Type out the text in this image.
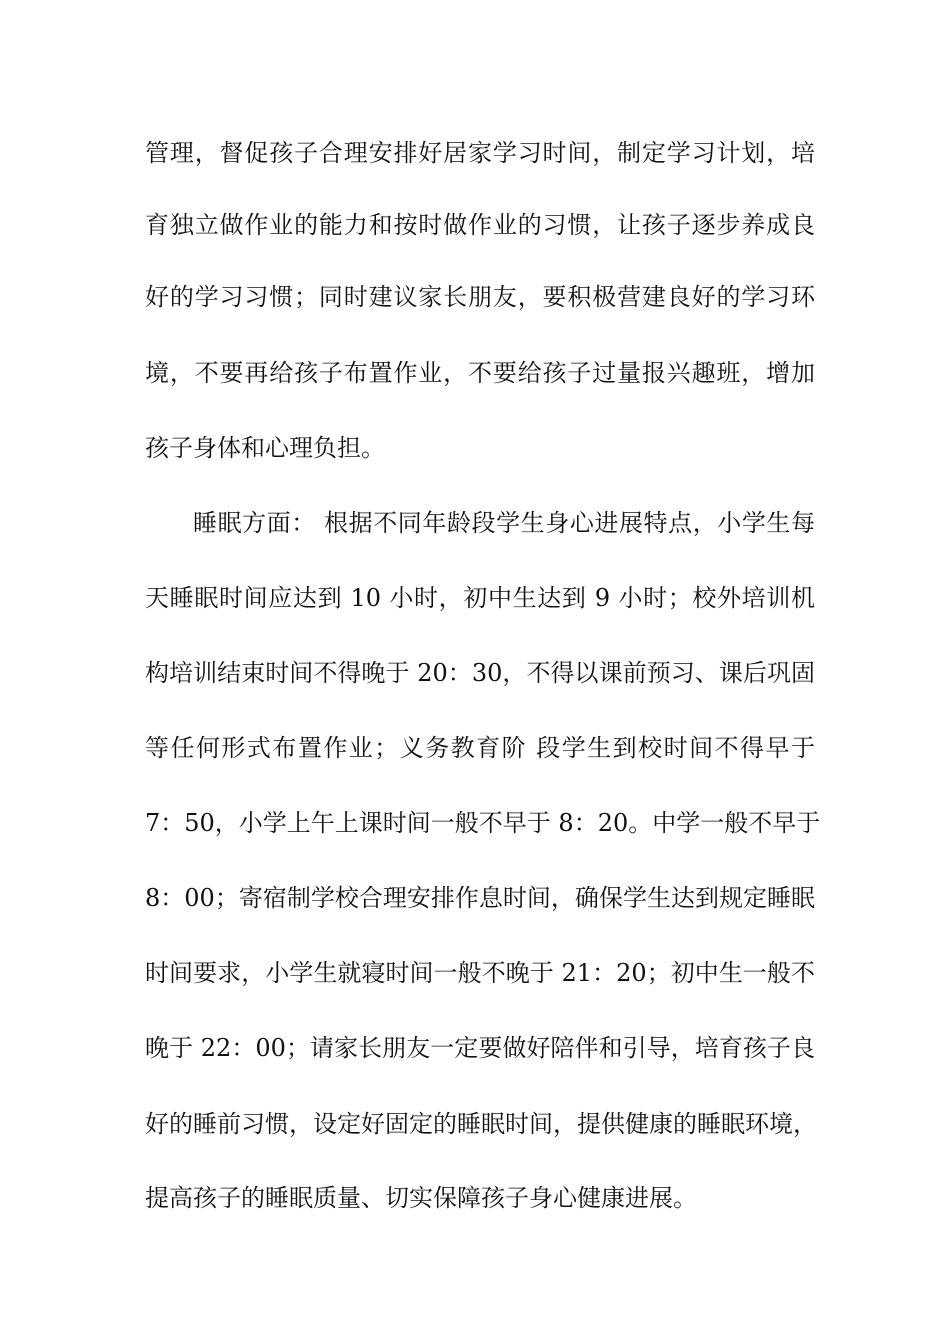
管理，督促孩子合理安排好居家学习时间，制定学习计划，培
育独立做作业的能力和按时做作业的习惯，让孩子逐步养成良
好的学习习惯；同时建议家长朋友，要积极营建良好的学习环
境，不要再给孩子布置作业，不要给孩子过量报兴趣班，增加
孩子身体和心理负担。
睡眠方面： 根据不同年龄段学生身心进展特点，小学生每
天睡眠时间应达到 10 小时，初中生达到 9 小时；校外培训机
构培训结束时间不得晚于 20：30，不得以课前预习、课后巩固
等任何形式布置作业；义务教育阶 段学生到校时间不得早于
7：50，小学上午上课时间一般不早于 8：20。中学一般不早于
8：00；寄宿制学校合理安排作息时间，确保学生达到规定睡眠
时间要求，小学生就寝时间一般不晚于 21：20；初中生一般不
晚于 22：00；请家长朋友一定要做好陪伴和引导，培育孩子良
好的睡前习惯，设定好固定的睡眠时间，提供健康的睡眠环境，
提高孩子的睡眠质量、切实保障孩子身心健康进展。
